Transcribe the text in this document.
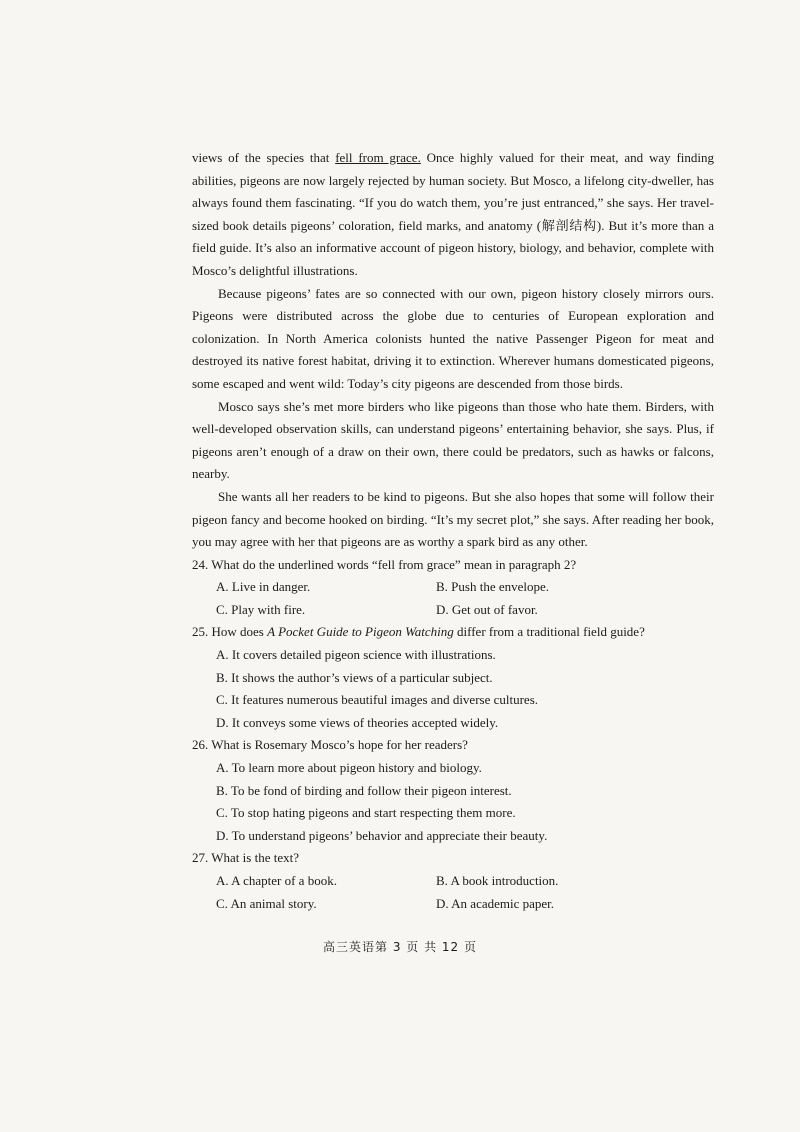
views of the species that fell from grace. Once highly valued for their meat, and way finding abilities, pigeons are now largely rejected by human society. But Mosco, a lifelong city-dweller, has always found them fascinating. “If you do watch them, you’re just entranced,” she says. Her travel-sized book details pigeons’ coloration, field marks, and anatomy (解剖结构). But it’s more than a field guide. It’s also an informative account of pigeon history, biology, and behavior, complete with Mosco’s delightful illustrations.

Because pigeons’ fates are so connected with our own, pigeon history closely mirrors ours. Pigeons were distributed across the globe due to centuries of European exploration and colonization. In North America colonists hunted the native Passenger Pigeon for meat and destroyed its native forest habitat, driving it to extinction. Wherever humans domesticated pigeons, some escaped and went wild: Today’s city pigeons are descended from those birds.

Mosco says she’s met more birders who like pigeons than those who hate them. Birders, with well-developed observation skills, can understand pigeons’ entertaining behavior, she says. Plus, if pigeons aren’t enough of a draw on their own, there could be predators, such as hawks or falcons, nearby.

She wants all her readers to be kind to pigeons. But she also hopes that some will follow their pigeon fancy and become hooked on birding. “It’s my secret plot,” she says. After reading her book, you may agree with her that pigeons are as worthy a spark bird as any other.

24. What do the underlined words “fell from grace” mean in paragraph 2?

A. Live in danger.	B. Push the envelope.
C. Play with fire.	D. Get out of favor.

25. How does A Pocket Guide to Pigeon Watching differ from a traditional field guide?

A. It covers detailed pigeon science with illustrations.

B. It shows the author’s views of a particular subject.

C. It features numerous beautiful images and diverse cultures.

D. It conveys some views of theories accepted widely.

26. What is Rosemary Mosco’s hope for her readers?

A. To learn more about pigeon history and biology.

B. To be fond of birding and follow their pigeon interest.

C. To stop hating pigeons and start respecting them more.

D. To understand pigeons’ behavior and appreciate their beauty.

27. What is the text?

A. A chapter of a book.	B. A book introduction.
C. An animal story.	D. An academic paper.
高三英语第 3 页 共 12 页
